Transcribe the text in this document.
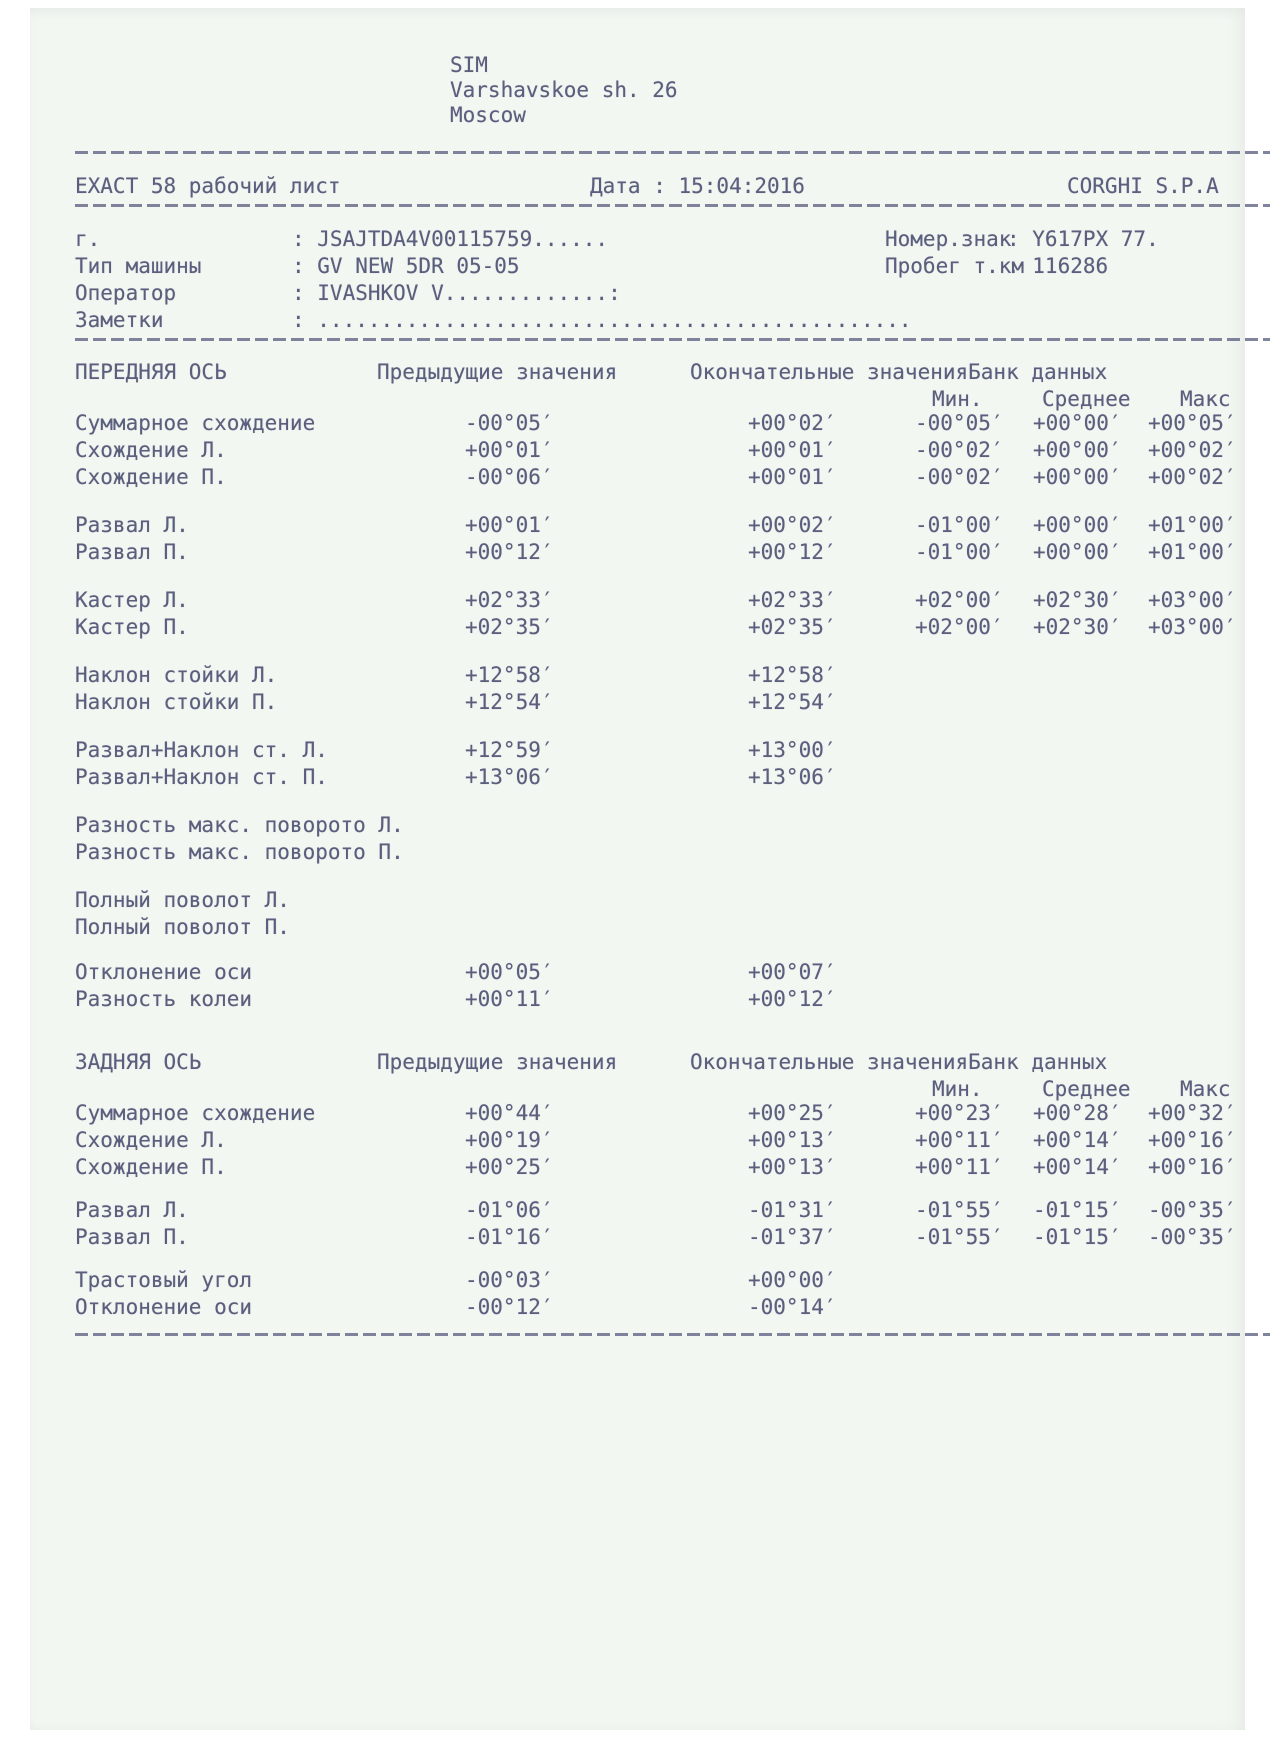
SIM
Varshavskoe sh. 26
Moscow
EXACT 58 рабочий лист	Дата : 15:04:2016	CORGHI S.P.A
г.	: JSAJTDA4V00115759......	Номер.знак
: Y617PX 77.
Тип машины	: GV NEW 5DR 05-05	Пробег т.км
: 116286
Оператор	: IVASHKOV V.............:
Заметки	: ...............................................
ПЕРЕДНЯЯ ОСЬ	Предыдущие значения	Окончательные значенияБанк данных
Мин.	Среднее Макс
Суммарное схождение	-00°05′	+00°02′	-00°05′ +00°00′ +00°05′
Схождение Л.	+00°01′	+00°01′	-00°02′ +00°00′ +00°02′
Схождение П.	-00°06′	+00°01′	-00°02′ +00°00′ +00°02′
Развал Л.	+00°01′	+00°02′	-01°00′ +00°00′ +01°00′
Развал П.	+00°12′	+00°12′	-01°00′ +00°00′ +01°00′
Кастер Л.	+02°33′	+02°33′	+02°00′ +02°30′ +03°00′
Кастер П.	+02°35′	+02°35′	+02°00′ +02°30′ +03°00′
Наклон стойки Л.	+12°58′	+12°58′
Наклон стойки П.	+12°54′	+12°54′
Развал+Наклон ст. Л.	+12°59′	+13°00′
Развал+Наклон ст. П.	+13°06′	+13°06′
Разность макс. поворото Л.
Разность макс. поворото П.
Полный поволот Л.
Полный поволот П.
Отклонение оси	+00°05′	+00°07′
Разность колеи	+00°11′	+00°12′
ЗАДНЯЯ ОСЬ	Предыдущие значения	Окончательные значенияБанк данных
Мин.	Среднее Макс
Суммарное схождение	+00°44′	+00°25′	+00°23′ +00°28′ +00°32′
Схождение Л.	+00°19′	+00°13′	+00°11′ +00°14′ +00°16′
Схождение П.	+00°25′	+00°13′	+00°11′ +00°14′ +00°16′
Развал Л.	-01°06′	-01°31′	-01°55′ -01°15′ -00°35′
Развал П.	-01°16′	-01°37′	-01°55′ -01°15′ -00°35′
Трастовый угол	-00°03′	+00°00′
Отклонение оси	-00°12′	-00°14′
